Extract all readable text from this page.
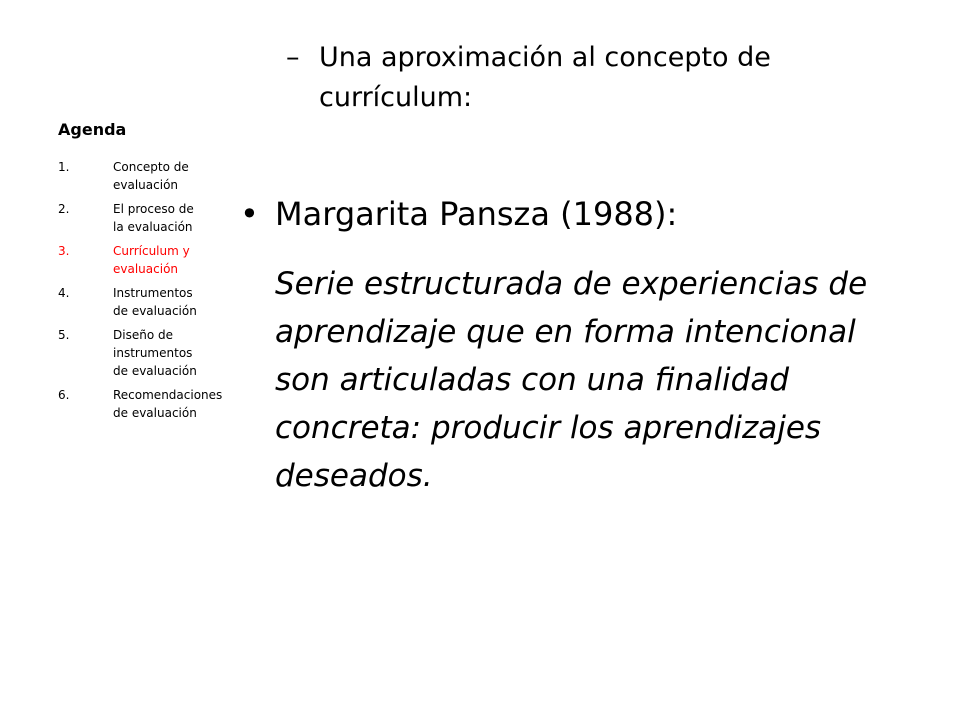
Agenda
1.	Concepto de evaluación
2.	El proceso de la evaluación
3.	Currículum y evaluación
4.	Instrumentos de evaluación
5.	Diseño de instrumentos de evaluación
6.	Recomendaciones de evaluación
– Una aproximación al concepto de currículum:
• Margarita Pansza (1988):
Serie estructurada de experiencias de aprendizaje que en forma intencional son articuladas con una finalidad concreta: producir los aprendizajes deseados.
